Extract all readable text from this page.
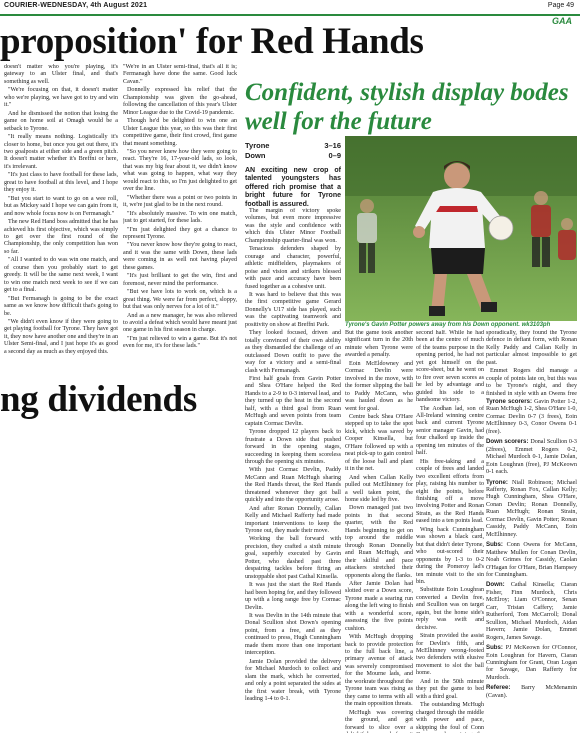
COURIER-WEDNESDAY, 4th August 2021	Page 49
GAA
proposition' for Red Hands

doesn't matter who you're playing, it's gateway to an Ulster final, and that's something as well.

"We're focusing on that, it doesn't matter who we're playing, we have got to try and win it."

And he dismissed the notion that losing the game on home soil at Omagh would be a setback to Tyrone.

"It really means nothing. Logistically it's closer to home, but once you get out there, it's two goalposts at either side and a green pitch. It doesn't matter whether it's Breffni or here, it's irrelevant.

"It's just class to have football for these lads, great to have football at this level, and I hope they enjoy it.

"But you start to want to go on a wee roll, but as Mickey said I hope we can gain from it, and now whole focus now is on Fermanagh."

The new Red Hand boss admitted that he has achieved his first objective, which was simply to get over the first round of the Championship, the only competition has won so far.

"All I wanted to do was win one match, and of course then you probably start to get greedy. It will be the same next week, I want to win one match next week to see if we can get to a final.

"But Fermanagh is going to be the exact same as we know how difficult that's going to be.

"We didn't even know if they were going to get playing football for Tyrone. They have got it, they now have another one and they're in an Ulster Semi-final, and I just hope it's as good a second day as much as they enjoyed this.

"We're in an Ulster semi-final, that's all it is; Fermanagh have done the same. Good luck Cavan."

Donnelly expressed his relief that the Championship was given the go-ahead, following the cancellation of this year's Ulster Minor League due to the Covid-19 pandemic.

Though he'd be delighted to win one an Ulster League this year, so this was their first competitive game, their first crowd, first game that meant something.

"So you never knew how they were going to react. They're 16, 17-year-old lads, so look, that was my big fear about it, we didn't know what was going to happen, what way they would react to this, so I'm just delighted to get over the line.

"Whether there was a point or two points in it, we're just glad to be in the next round.

"It's absolutely massive. To win one match, just to get started, for these lads.

"I'm just delighted they got a chance to represent Tyrone.

"You never know how they're going to react, and it was the same with Down, these lads were coming in as well not having played these games.

"It's just brilliant to get the win, first and foremost, never mind the performance.

"But we have lots to work on, which is a great thing. We were far from perfect, sloppy, but that was only nerves for a lot of it."

And as a new manager, he was also relieved to avoid a defeat which would have meant just one game in his first season in charge.

"I'm just relieved to win a game. But it's not even for me, it's for these lads."

Confident, stylish display bodes well for the future
Tyrone	3–16
Down	0–9
AN exciting new crop of talented youngsters has offered rich promise that a bright future for Tyrone football is assured.

The margin of victory spoke volumes, but even more impressive was the style and confidence with which this Ulster Minor Football Championship quarter-final was won.

Tenacious defenders shaped by courage and character, powerful, athletic midfielders, playmakers of poise and vision and strikers blessed with pace and accuracy have been fused together as a cohesive unit.

It was hard to believe that this was the first competitive game Gerard Donnelly's U17 side has played, such was the captivating teamwork and positivity on show at Breffni Park.

They looked focused, driven and totally convinced of their own ability as they dismantled the challenge of an outclassed Down outfit to pave the way for a victory and a semi-final clash with Fermanagh.

First half goals from Gavin Potter and Shea O'Hare helped the Red Hands to a 2-9 to 0-3 interval lead, and they turned up the heat in the second half, with a third goal from Ruan McHugh and seven points from team captain Cormac Devlin.

Tyrone dropped 12 players back to frustrate a Down side that pushed forward in the opening stages, succeeding in keeping them scoreless through the opening six minutes.

With just Cormac Devlin, Paddy McCann and Ruan McHugh sharing the Red Hands threat, the Red Hands threatened whenever they got ball quickly and into the opportunity arose.

And after Ronan Donnelly, Callan Kelly and Michael Rafferty had made important interventions to keep the Tyrone out, they made their move.

Working the ball forward with precision, they crafted a sixth minute goal, superbly executed by Gavin Potter, who dashed past three despairing tackles before firing an unstoppable shot past Cathal Kinsella.

It was just the start the Red Hands had been hoping for, and they followed up with a long range free by Cormac Devlin.

It was Devlin in the 14th minute that Donal Scullion shot Down's opening point, from a free, and as they continued to press, Hugh Cunningham made them more than one important interception.

Jamie Dolan provided the delivery for Michael Murdoch to collect and slam the mark, which he converted, and only a point separated the sides at the first water break, with Tyrone leading 1-4 to 0-1.

Tyrone's Gavin Potter powers away from his Down opponent. wk3103ph
ng dividends

But the game took another significant turn in the 20th minute when Tyrone were awarded a penalty.

Eoin McEldowney and Cormac Devlin were involved in the move, with the former slipping the ball to Paddy McCann, who was hauled down as he went for goal.

Centre back Shea O'Hare stepped up to take the spot kick, which was saved by Cooper Kinsella, but O'Hare followed up with a neat pick-up to gain control of the loose ball and plant it in the net.

And when Callan Kelly pulled out McElhinney for a well taken point, the home side led by five.

Down managed just two points in that second quarter, with the Red Hands beginning to get on top around the middle through Ronan Donnelly and Ruan McHugh, and their skilful and pace attackers stretched their opponents along the flanks.

After Jamie Dolan had slotted over a Down score, Tyrone made a searing run along the left wing to finish with a wonderful score, assessing the five points cushion.

With McHugh dropping back to provide protection to the full back line, a primary avenue of attack was severely compromised for the Mourne lads, and the workrate throughout the Tyrone team was rising as they came to terms with all the main opposition threats.

McHugh was covering the ground, and got forward to slice over a

second half. While he had been at the centre of much of the teams purpose in the opening period, he had not yet got himself on the score-sheet, but he went on to fire over seven scores as he led by advantage and guided his side to a handsome victory.

The Aodhan lad, son of All-Ireland winning centre back and current Tyrone senior manager Gavin, had four chalked up inside the opening ten minutes of the half.

His free-taking and a couple of frees and landed two excellent efforts from play, raising his number to eight the points, before finishing off a move involving Potter and Ronan Strain, as the Red Hands eased into a ten points lead.

Wing back Cunningham was shown a black card, but that didn't deter Tyrone, who out-scored their opponents by 1-3 to 0-2 during the Pomeroy lad's ten minute visit to the sin bin.

Substitute Eoin Loughran converted a Devlin free, and Scullion was on target again, but the home side's reply was swift and decisive.

Strain provided the assist for Devlin's fifth, and McElhinney wrong-footed two defenders with elusive movement to slot the ball home.

And in the 50th minute they put the game to bed with a third goal.

The outstanding McHugh charged through the middle with power and pace, skipping the foul of Conn

sporadically, they found the Tyrone defence in defiant form, with Ronan Kelly Paddy and Callan Kelly in particular almost impossible to get past.

Emmet Rogers did manage a couple of points late on, but this was to be Tyrone's night, and they finished in style with an Owens free

Tyrone scorers: Gavin Potter 1-2, Ruan McHugh 1-2, Shea O'Hare 1-0, Cormac Devlin 0-7 (3 frees), Eoin McElhinney 0-3, Conor Owens 0-1 (free).
Down scorers: Donal Scullion 0-3 (2frees), Emmet Rogers 0-2, Michael Murdoch 0-1, Jamie Dolan, Eoin Loughran (free), PJ McKeown 0-1 each.
Tyrone: Niall Robinson; Michael Rafferty, Ronan Fox, Callan Kelly; Hugh Cunningham, Shea O'Hare, Conan Devlin; Ronan Donnelly, Ruan McHugh; Ronan Strain, Cormac Devlin, Gavin Potter; Ronan Cassidy, Paddy McCann, Eoin McElhinney.
Subs: Conn Owens for McCann, Matthew Mullen for Conan Devlin, Noah Grimes for Cassidy, Caolan O'Hagan for O'Hare, Brian Hampsey for Cunningham.
Down: Cathal Kinsella; Ciaran Fisher, Finn Murdoch, Chris McElroy; Liam O'Connor, Senan Carr, Tristan Caffery; Jamie Rutherford, Tom McCarroll; Donal Scullion, Michael Murdoch, Aidan Havern; Jamie Dolan, Emmet Rogers, James Savage.
Subs: PJ McKeown for O'Connor, Eoin Loughran for Havern, Ciaran Cunningham for Grant, Oran Logan for Savage, Dan Rafferty for Murdoch.
Referee: Barry McMenamin (Cavan).
